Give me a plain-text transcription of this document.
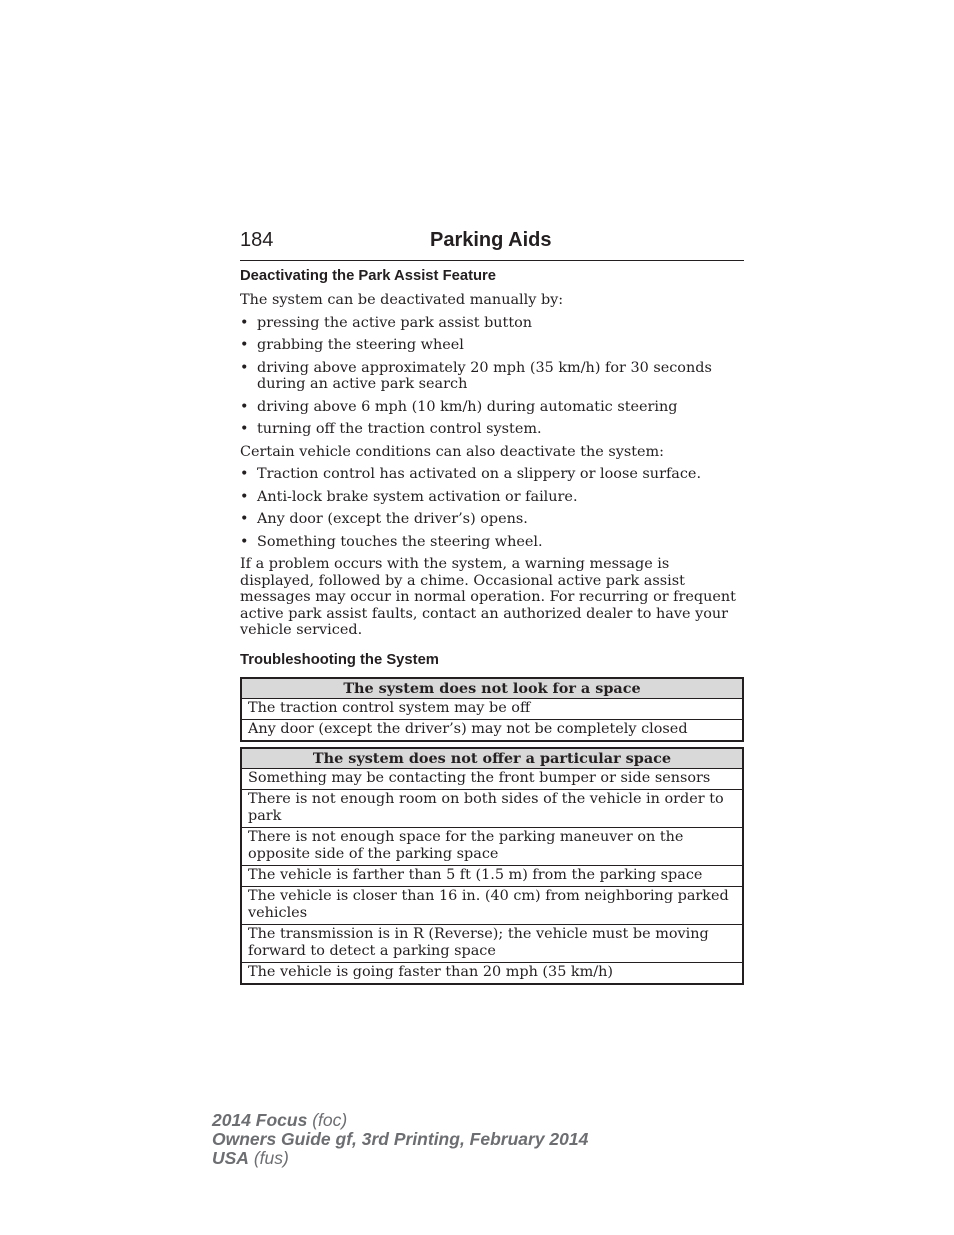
184	Parking Aids
Deactivating the Park Assist Feature

The system can be deactivated manually by:

• pressing the active park assist button
• grabbing the steering wheel
• driving above approximately 20 mph (35 km/h) for 30 seconds during an active park search
• driving above 6 mph (10 km/h) during automatic steering
• turning off the traction control system.

Certain vehicle conditions can also deactivate the system:

• Traction control has activated on a slippery or loose surface.
• Anti-lock brake system activation or failure.
• Any door (except the driver’s) opens.
• Something touches the steering wheel.

If a problem occurs with the system, a warning message is displayed, followed by a chime. Occasional active park assist messages may occur in normal operation. For recurring or frequent active park assist faults, contact an authorized dealer to have your vehicle serviced.

Troubleshooting the System
The system does not look for a space
The traction control system may be off
Any door (except the driver’s) may not be completely closed
The system does not offer a particular space
Something may be contacting the front bumper or side sensors
There is not enough room on both sides of the vehicle in order to park
There is not enough space for the parking maneuver on the opposite side of the parking space
The vehicle is farther than 5 ft (1.5 m) from the parking space
The vehicle is closer than 16 in. (40 cm) from neighboring parked vehicles
The transmission is in R (Reverse); the vehicle must be moving forward to detect a parking space
The vehicle is going faster than 20 mph (35 km/h)
2014 Focus (foc)
Owners Guide gf, 3rd Printing, February 2014
USA (fus)
